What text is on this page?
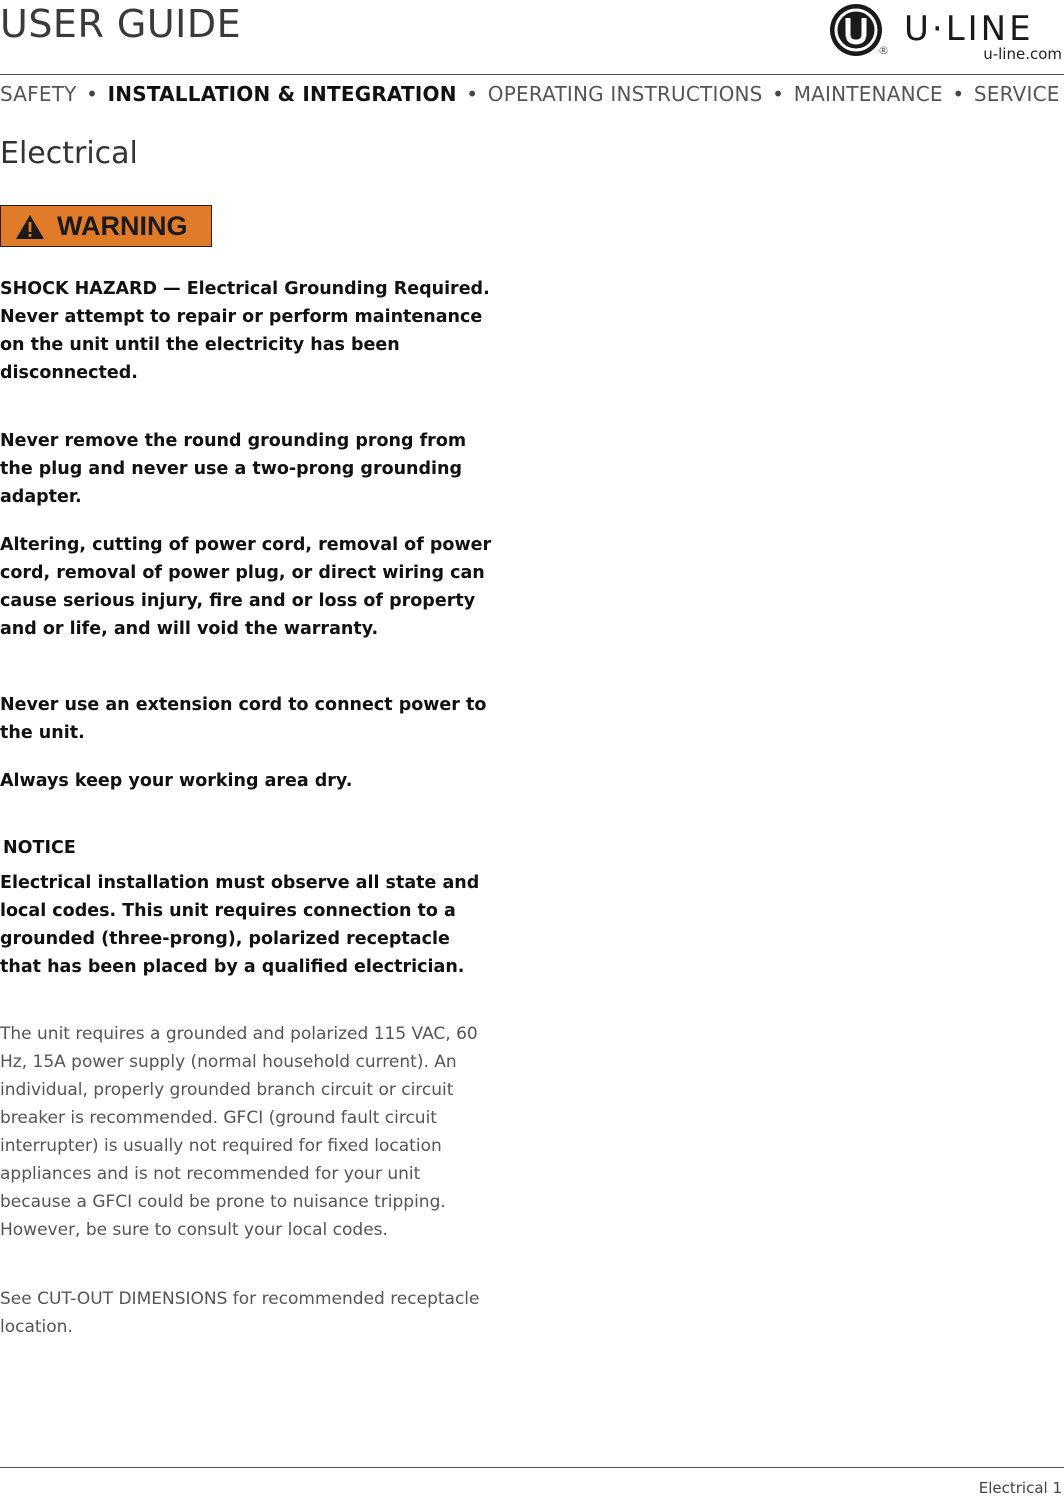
USER GUIDE
®
U·LINE
u-line.com
SAFETY • INSTALLATION & INTEGRATION • OPERATING INSTRUCTIONS • MAINTENANCE • SERVICE
Electrical
WARNING

SHOCK HAZARD — Electrical Grounding Required. Never attempt to repair or perform maintenance on the unit until the electricity has been disconnected.

Never remove the round grounding prong from the plug and never use a two-prong grounding adapter.

Altering, cutting of power cord, removal of power cord, removal of power plug, or direct wiring can cause serious injury, fire and or loss of property and or life, and will void the warranty.

Never use an extension cord to connect power to the unit.

Always keep your working area dry.

NOTICE

Electrical installation must observe all state and local codes. This unit requires connection to a grounded (three-prong), polarized receptacle that has been placed by a qualified electrician.

The unit requires a grounded and polarized 115 VAC, 60 Hz, 15A power supply (normal household current). An individual, properly grounded branch circuit or circuit breaker is recommended. GFCI (ground fault circuit interrupter) is usually not required for fixed location appliances and is not recommended for your unit because a GFCI could be prone to nuisance tripping. However, be sure to consult your local codes.

See CUT-OUT DIMENSIONS for recommended receptacle location.

Electrical 1
